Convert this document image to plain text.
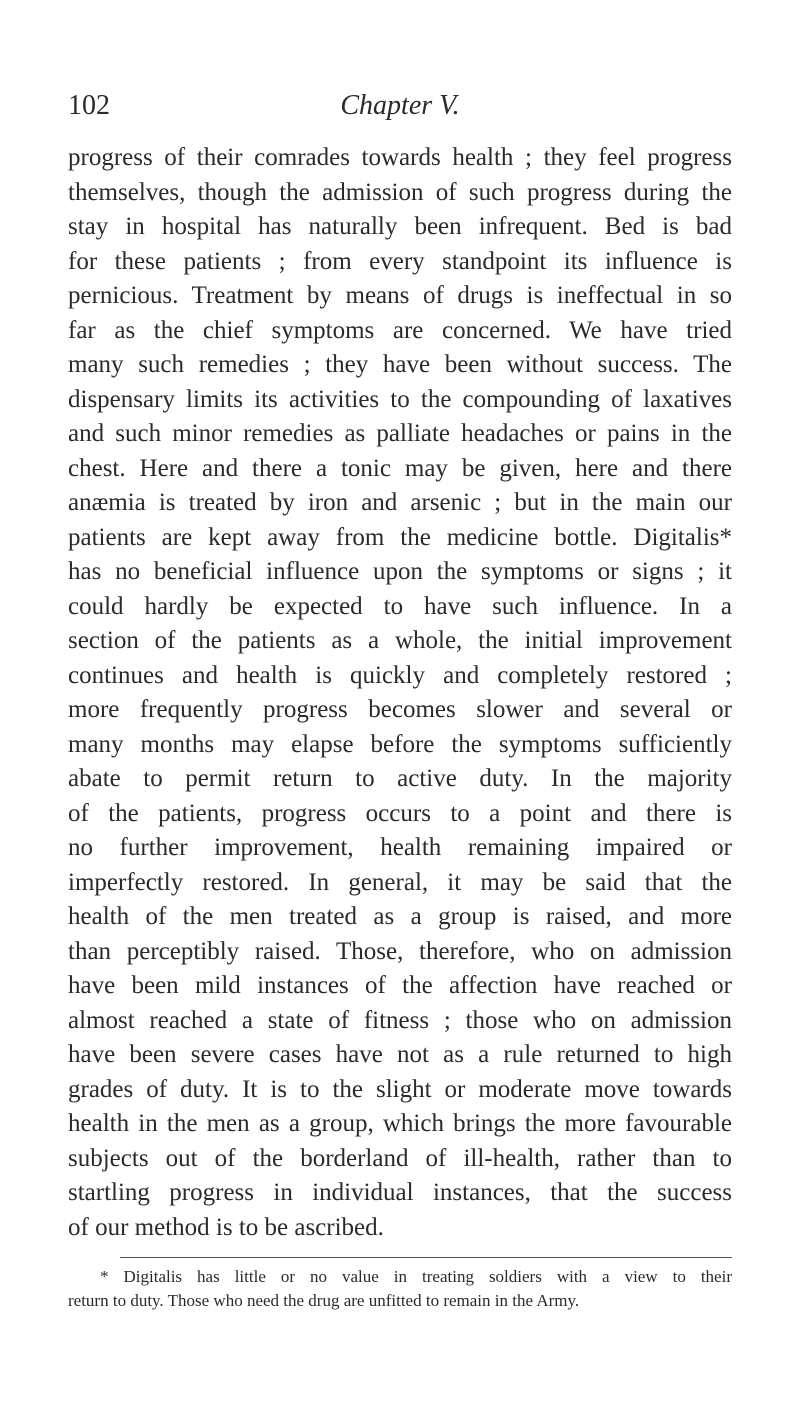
102	Chapter V.
progress of their comrades towards health ; they feel progress
themselves, though the admission of such progress during the
stay in hospital has naturally been infrequent. Bed is bad
for these patients ; from every standpoint its influence is
pernicious. Treatment by means of drugs is ineffectual in so
far as the chief symptoms are concerned. We have tried
many such remedies ; they have been without success. The
dispensary limits its activities to the compounding of laxatives
and such minor remedies as palliate headaches or pains in the
chest. Here and there a tonic may be given, here and there
anæmia is treated by iron and arsenic ; but in the main our
patients are kept away from the medicine bottle. Digitalis*
has no beneficial influence upon the symptoms or signs ; it
could hardly be expected to have such influence. In a
section of the patients as a whole, the initial improvement
continues and health is quickly and completely restored ;
more frequently progress becomes slower and several or
many months may elapse before the symptoms sufficiently
abate to permit return to active duty. In the majority
of the patients, progress occurs to a point and there is
no further improvement, health remaining impaired or
imperfectly restored. In general, it may be said that the
health of the men treated as a group is raised, and more
than perceptibly raised. Those, therefore, who on admission
have been mild instances of the affection have reached or
almost reached a state of fitness ; those who on admission
have been severe cases have not as a rule returned to high
grades of duty. It is to the slight or moderate move towards
health in the men as a group, which brings the more favourable
subjects out of the borderland of ill-health, rather than to
startling progress in individual instances, that the success
of our method is to be ascribed.
* Digitalis has little or no value in treating soldiers with a view to their
return to duty. Those who need the drug are unfitted to remain in the Army.
